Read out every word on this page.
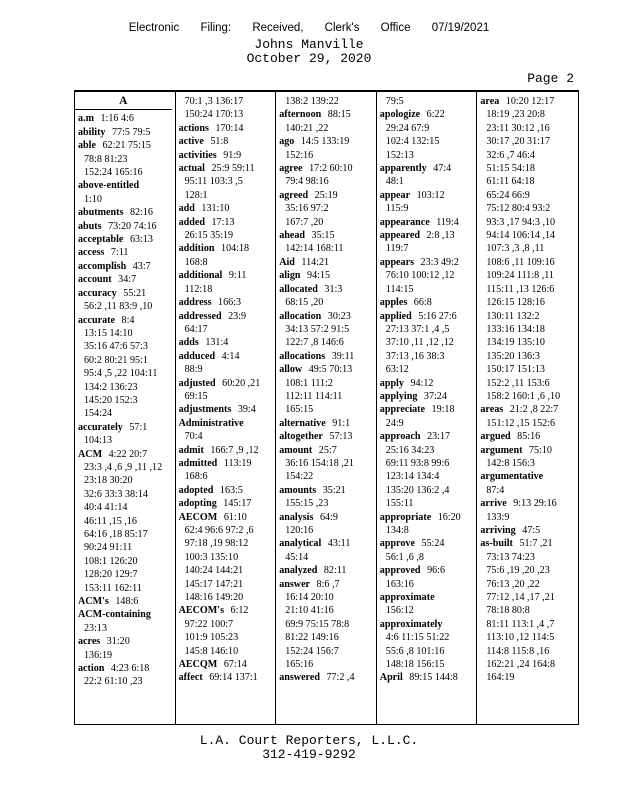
Electronic Filing: Received, Clerk's Office 07/19/2021
Johns Manville
October 29, 2020
Page 2
A
a.m 1:16 4:6
ability 77:5 79:5
able 62:21 75:15
78:8 81:23
152:24 165:16
above-entitled
1:10
abutments 82:16
abuts 73:20 74:16
acceptable 63:13
access 7:11
accomplish 43:7
account 34:7
accuracy 55:21
56:2 ,11 83:9 ,10
accurate 8:4
13:15 14:10
35:16 47:6 57:3
60:2 80:21 95:1
95:4 ,5 ,22 104:11
134:2 136:23
145:20 152:3
154:24
accurately 57:1
104:13
ACM 4:22 20:7
23:3 ,4 ,6 ,9 ,11 ,12
23:18 30:20
32:6 33:3 38:14
40:4 41:14
46:11 ,15 ,16
64:16 ,18 85:17
90:24 91:11
108:1 126:20
128:20 129:7
153:11 162:11
ACM's 148:6
ACM-containing
23:13
acres 31:20
136:19
action 4:23 6:18
22:2 61:10 ,23
70:1 ,3 136:17
150:24 170:13
actions 170:14
active 51:8
activities 91:9
actual 25:9 59:11
95:11 103:3 ,5
128:1
add 131:10
added 17:13
26:15 35:19
addition 104:18
168:8
additional 9:11
112:18
address 166:3
addressed 23:9
64:17
adds 131:4
adduced 4:14
88:9
adjusted 60:20 ,21
69:15
adjustments 39:4
Administrative
70:4
admit 166:7 ,9 ,12
admitted 113:19
168:6
adopted 163:5
adopting 145:17
AECOM 61:10
62:4 96:6 97:2 ,6
97:18 ,19 98:12
100:3 135:10
140:24 144:21
145:17 147:21
148:16 149:20
AECOM's 6:12
97:22 100:7
101:9 105:23
145:8 146:10
AECQM 67:14
affect 69:14 137:1
138:2 139:22
afternoon 88:15
140:21 ,22
ago 14:5 133:19
152:16
agree 17:2 60:10
79:4 98:16
agreed 25:19
35:16 97:2
167:7 ,20
ahead 35:15
142:14 168:11
Aid 114:21
align 94:15
allocated 31:3
68:15 ,20
allocation 30:23
34:13 57:2 91:5
122:7 ,8 146:6
allocations 39:11
allow 49:5 70:13
108:1 111:2
112:11 114:11
165:15
alternative 91:1
altogether 57:13
amount 25:7
36:16 154:18 ,21
154:22
amounts 35:21
155:15 ,23
analysis 64:9
120:16
analytical 43:11
45:14
analyzed 82:11
answer 8:6 ,7
16:14 20:10
21:10 41:16
69:9 75:15 78:8
81:22 149:16
152:24 156:7
165:16
answered 77:2 ,4
79:5
apologize 6:22
29:24 67:9
102:4 132:15
152:13
apparently 47:4
48:1
appear 103:12
115:9
appearance 119:4
appeared 2:8 ,13
119:7
appears 23:3 49:2
76:10 100:12 ,12
114:15
apples 66:8
applied 5:16 27:6
27:13 37:1 ,4 ,5
37:10 ,11 ,12 ,12
37:13 ,16 38:3
63:12
apply 94:12
applying 37:24
appreciate 19:18
24:9
approach 23:17
25:16 34:23
69:11 93:8 99:6
123:14 134:4
135:20 136:2 ,4
155:11
appropriate 16:20
134:8
approve 55:24
56:1 ,6 ,8
approved 96:6
163:16
approximate
156:12
approximately
4:6 11:15 51:22
55:6 ,8 101:16
148:18 156:15
April 89:15 144:8
area 10:20 12:17
18:19 ,23 20:8
23:11 30:12 ,16
30:17 ,20 31:17
32:6 ,7 46:4
51:15 54:18
61:11 64:18
65:24 66:9
75:12 80:4 93:2
93:3 ,17 94:3 ,10
94:14 106:14 ,14
107:3 ,3 ,8 ,11
108:6 ,11 109:16
109:24 111:8 ,11
115:11 ,13 126:6
126:15 128:16
130:11 132:2
133:16 134:18
134:19 135:10
135:20 136:3
150:17 151:13
152:2 ,11 153:6
158:2 160:1 ,6 ,10
areas 21:2 ,8 22:7
151:12 ,15 152:6
argued 85:16
argument 75:10
142:8 156:3
argumentative
87:4
arrive 9:13 29:16
133:9
arriving 47:5
as-built 51:7 ,21
73:13 74:23
75:6 ,19 ,20 ,23
76:13 ,20 ,22
77:12 ,14 ,17 ,21
78:18 80:8
81:11 113:1 ,4 ,7
113:10 ,12 114:5
114:8 115:8 ,16
162:21 ,24 164:8
164:19
L.A. Court Reporters, L.L.C.
312-419-9292
